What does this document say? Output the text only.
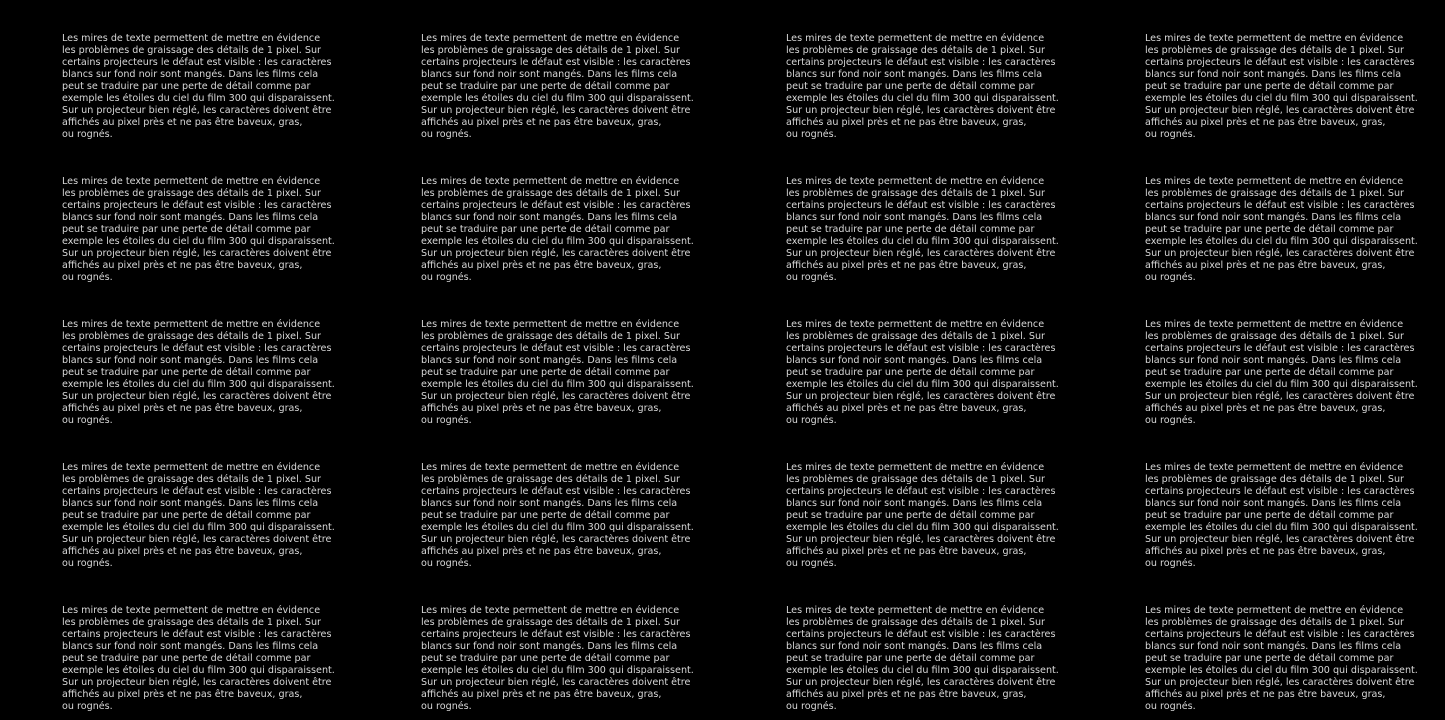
Les mires de texte permettent de mettre en évidence
les problèmes de graissage des détails de 1 pixel. Sur
certains projecteurs le défaut est visible : les caractères
blancs sur fond noir sont mangés. Dans les films cela
peut se traduire par une perte de détail comme par
exemple les étoiles du ciel du film 300 qui disparaissent.
Sur un projecteur bien réglé, les caractères doivent être
affichés au pixel près et ne pas être baveux, gras,
ou rognés.
Les mires de texte permettent de mettre en évidence
les problèmes de graissage des détails de 1 pixel. Sur
certains projecteurs le défaut est visible : les caractères
blancs sur fond noir sont mangés. Dans les films cela
peut se traduire par une perte de détail comme par
exemple les étoiles du ciel du film 300 qui disparaissent.
Sur un projecteur bien réglé, les caractères doivent être
affichés au pixel près et ne pas être baveux, gras,
ou rognés.
Les mires de texte permettent de mettre en évidence
les problèmes de graissage des détails de 1 pixel. Sur
certains projecteurs le défaut est visible : les caractères
blancs sur fond noir sont mangés. Dans les films cela
peut se traduire par une perte de détail comme par
exemple les étoiles du ciel du film 300 qui disparaissent.
Sur un projecteur bien réglé, les caractères doivent être
affichés au pixel près et ne pas être baveux, gras,
ou rognés.
Les mires de texte permettent de mettre en évidence
les problèmes de graissage des détails de 1 pixel. Sur
certains projecteurs le défaut est visible : les caractères
blancs sur fond noir sont mangés. Dans les films cela
peut se traduire par une perte de détail comme par
exemple les étoiles du ciel du film 300 qui disparaissent.
Sur un projecteur bien réglé, les caractères doivent être
affichés au pixel près et ne pas être baveux, gras,
ou rognés.
Les mires de texte permettent de mettre en évidence
les problèmes de graissage des détails de 1 pixel. Sur
certains projecteurs le défaut est visible : les caractères
blancs sur fond noir sont mangés. Dans les films cela
peut se traduire par une perte de détail comme par
exemple les étoiles du ciel du film 300 qui disparaissent.
Sur un projecteur bien réglé, les caractères doivent être
affichés au pixel près et ne pas être baveux, gras,
ou rognés.
Les mires de texte permettent de mettre en évidence
les problèmes de graissage des détails de 1 pixel. Sur
certains projecteurs le défaut est visible : les caractères
blancs sur fond noir sont mangés. Dans les films cela
peut se traduire par une perte de détail comme par
exemple les étoiles du ciel du film 300 qui disparaissent.
Sur un projecteur bien réglé, les caractères doivent être
affichés au pixel près et ne pas être baveux, gras,
ou rognés.
Les mires de texte permettent de mettre en évidence
les problèmes de graissage des détails de 1 pixel. Sur
certains projecteurs le défaut est visible : les caractères
blancs sur fond noir sont mangés. Dans les films cela
peut se traduire par une perte de détail comme par
exemple les étoiles du ciel du film 300 qui disparaissent.
Sur un projecteur bien réglé, les caractères doivent être
affichés au pixel près et ne pas être baveux, gras,
ou rognés.
Les mires de texte permettent de mettre en évidence
les problèmes de graissage des détails de 1 pixel. Sur
certains projecteurs le défaut est visible : les caractères
blancs sur fond noir sont mangés. Dans les films cela
peut se traduire par une perte de détail comme par
exemple les étoiles du ciel du film 300 qui disparaissent.
Sur un projecteur bien réglé, les caractères doivent être
affichés au pixel près et ne pas être baveux, gras,
ou rognés.
Les mires de texte permettent de mettre en évidence
les problèmes de graissage des détails de 1 pixel. Sur
certains projecteurs le défaut est visible : les caractères
blancs sur fond noir sont mangés. Dans les films cela
peut se traduire par une perte de détail comme par
exemple les étoiles du ciel du film 300 qui disparaissent.
Sur un projecteur bien réglé, les caractères doivent être
affichés au pixel près et ne pas être baveux, gras,
ou rognés.
Les mires de texte permettent de mettre en évidence
les problèmes de graissage des détails de 1 pixel. Sur
certains projecteurs le défaut est visible : les caractères
blancs sur fond noir sont mangés. Dans les films cela
peut se traduire par une perte de détail comme par
exemple les étoiles du ciel du film 300 qui disparaissent.
Sur un projecteur bien réglé, les caractères doivent être
affichés au pixel près et ne pas être baveux, gras,
ou rognés.
Les mires de texte permettent de mettre en évidence
les problèmes de graissage des détails de 1 pixel. Sur
certains projecteurs le défaut est visible : les caractères
blancs sur fond noir sont mangés. Dans les films cela
peut se traduire par une perte de détail comme par
exemple les étoiles du ciel du film 300 qui disparaissent.
Sur un projecteur bien réglé, les caractères doivent être
affichés au pixel près et ne pas être baveux, gras,
ou rognés.
Les mires de texte permettent de mettre en évidence
les problèmes de graissage des détails de 1 pixel. Sur
certains projecteurs le défaut est visible : les caractères
blancs sur fond noir sont mangés. Dans les films cela
peut se traduire par une perte de détail comme par
exemple les étoiles du ciel du film 300 qui disparaissent.
Sur un projecteur bien réglé, les caractères doivent être
affichés au pixel près et ne pas être baveux, gras,
ou rognés.
Les mires de texte permettent de mettre en évidence
les problèmes de graissage des détails de 1 pixel. Sur
certains projecteurs le défaut est visible : les caractères
blancs sur fond noir sont mangés. Dans les films cela
peut se traduire par une perte de détail comme par
exemple les étoiles du ciel du film 300 qui disparaissent.
Sur un projecteur bien réglé, les caractères doivent être
affichés au pixel près et ne pas être baveux, gras,
ou rognés.
Les mires de texte permettent de mettre en évidence
les problèmes de graissage des détails de 1 pixel. Sur
certains projecteurs le défaut est visible : les caractères
blancs sur fond noir sont mangés. Dans les films cela
peut se traduire par une perte de détail comme par
exemple les étoiles du ciel du film 300 qui disparaissent.
Sur un projecteur bien réglé, les caractères doivent être
affichés au pixel près et ne pas être baveux, gras,
ou rognés.
Les mires de texte permettent de mettre en évidence
les problèmes de graissage des détails de 1 pixel. Sur
certains projecteurs le défaut est visible : les caractères
blancs sur fond noir sont mangés. Dans les films cela
peut se traduire par une perte de détail comme par
exemple les étoiles du ciel du film 300 qui disparaissent.
Sur un projecteur bien réglé, les caractères doivent être
affichés au pixel près et ne pas être baveux, gras,
ou rognés.
Les mires de texte permettent de mettre en évidence
les problèmes de graissage des détails de 1 pixel. Sur
certains projecteurs le défaut est visible : les caractères
blancs sur fond noir sont mangés. Dans les films cela
peut se traduire par une perte de détail comme par
exemple les étoiles du ciel du film 300 qui disparaissent.
Sur un projecteur bien réglé, les caractères doivent être
affichés au pixel près et ne pas être baveux, gras,
ou rognés.
Les mires de texte permettent de mettre en évidence
les problèmes de graissage des détails de 1 pixel. Sur
certains projecteurs le défaut est visible : les caractères
blancs sur fond noir sont mangés. Dans les films cela
peut se traduire par une perte de détail comme par
exemple les étoiles du ciel du film 300 qui disparaissent.
Sur un projecteur bien réglé, les caractères doivent être
affichés au pixel près et ne pas être baveux, gras,
ou rognés.
Les mires de texte permettent de mettre en évidence
les problèmes de graissage des détails de 1 pixel. Sur
certains projecteurs le défaut est visible : les caractères
blancs sur fond noir sont mangés. Dans les films cela
peut se traduire par une perte de détail comme par
exemple les étoiles du ciel du film 300 qui disparaissent.
Sur un projecteur bien réglé, les caractères doivent être
affichés au pixel près et ne pas être baveux, gras,
ou rognés.
Les mires de texte permettent de mettre en évidence
les problèmes de graissage des détails de 1 pixel. Sur
certains projecteurs le défaut est visible : les caractères
blancs sur fond noir sont mangés. Dans les films cela
peut se traduire par une perte de détail comme par
exemple les étoiles du ciel du film 300 qui disparaissent.
Sur un projecteur bien réglé, les caractères doivent être
affichés au pixel près et ne pas être baveux, gras,
ou rognés.
Les mires de texte permettent de mettre en évidence
les problèmes de graissage des détails de 1 pixel. Sur
certains projecteurs le défaut est visible : les caractères
blancs sur fond noir sont mangés. Dans les films cela
peut se traduire par une perte de détail comme par
exemple les étoiles du ciel du film 300 qui disparaissent.
Sur un projecteur bien réglé, les caractères doivent être
affichés au pixel près et ne pas être baveux, gras,
ou rognés.
